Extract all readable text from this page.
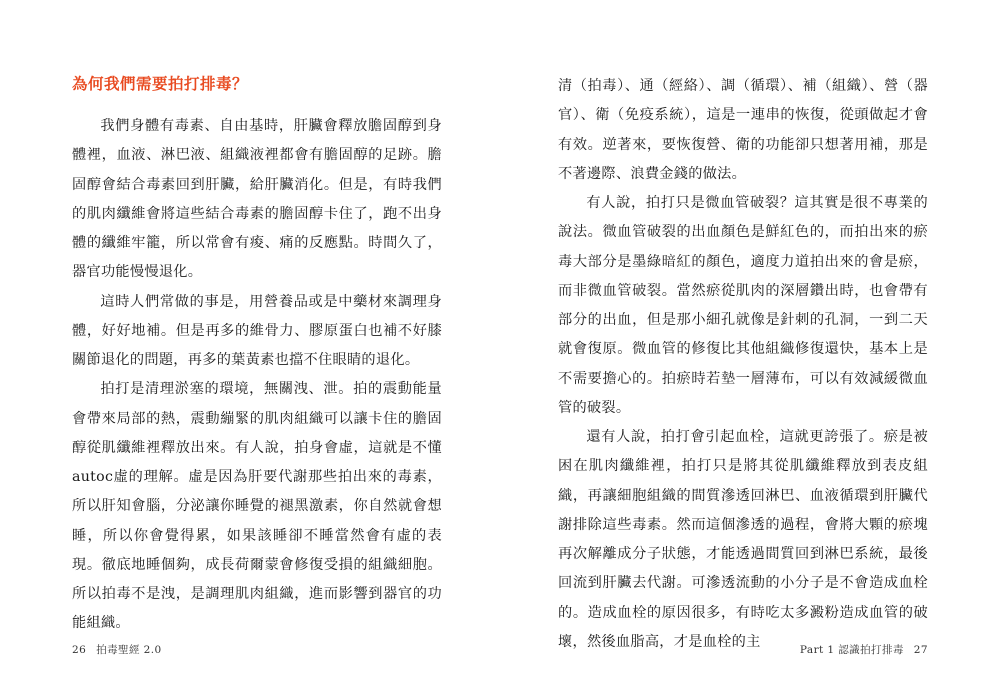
為何我們需要拍打排毒？

我們身體有毒素、自由基時，肝臟會釋放膽固醇到身體裡，血液、淋巴液、組織液裡都會有膽固醇的足跡。膽固醇會結合毒素回到肝臟，給肝臟消化。但是，有時我們的肌肉纖維會將這些結合毒素的膽固醇卡住了，跑不出身體的纖維牢籠，所以常會有痠、痛的反應點。時間久了，器官功能慢慢退化。

這時人們常做的事是，用營養品或是中藥材來調理身體，好好地補。但是再多的維骨力、膠原蛋白也補不好膝關節退化的問題，再多的葉黃素也擋不住眼睛的退化。

拍打是清理淤塞的環境，無關洩、泄。拍的震動能量會帶來局部的熱，震動繃緊的肌肉組織可以讓卡住的膽固醇從肌纖維裡釋放出來。有人說，拍身會虛，這就是不懂autoc虛的理解。虛是因為肝要代謝那些拍出來的毒素，所以肝知會腦，分泌讓你睡覺的褪黑激素，你自然就會想睡，所以你會覺得累，如果該睡卻不睡當然會有虛的表現。徹底地睡個夠，成長荷爾蒙會修復受損的組織細胞。所以拍毒不是洩，是調理肌肉組織，進而影響到器官的功能組織。

26 拍毒聖經 2.0

清（拍毒）、通（經絡）、調（循環）、補（組織）、營（器官）、衛（免疫系統），這是一連串的恢復，從頭做起才會有效。逆著來，要恢復營、衛的功能卻只想著用補，那是不著邊際、浪費金錢的做法。

有人說，拍打只是微血管破裂？這其實是很不專業的說法。微血管破裂的出血顏色是鮮紅色的，而拍出來的瘀毒大部分是墨綠暗紅的顏色，適度力道拍出來的會是瘀，而非微血管破裂。當然瘀從肌肉的深層鑽出時，也會帶有部分的出血，但是那小細孔就像是針刺的孔洞，一到二天就會復原。微血管的修復比其他組織修復還快，基本上是不需要擔心的。拍瘀時若墊一層薄布，可以有效減緩微血管的破裂。

還有人說，拍打會引起血栓，這就更誇張了。瘀是被困在肌肉纖維裡，拍打只是將其從肌纖維釋放到表皮組織，再讓細胞組織的間質滲透回淋巴、血液循環到肝臟代謝排除這些毒素。然而這個滲透的過程，會將大顆的瘀塊再次解離成分子狀態，才能透過間質回到淋巴系統，最後回流到肝臟去代謝。可滲透流動的小分子是不會造成血栓的。造成血栓的原因很多，有時吃太多澱粉造成血管的破壞，然後血脂高，才是血栓的主

Part 1 認識拍打排毒 27
